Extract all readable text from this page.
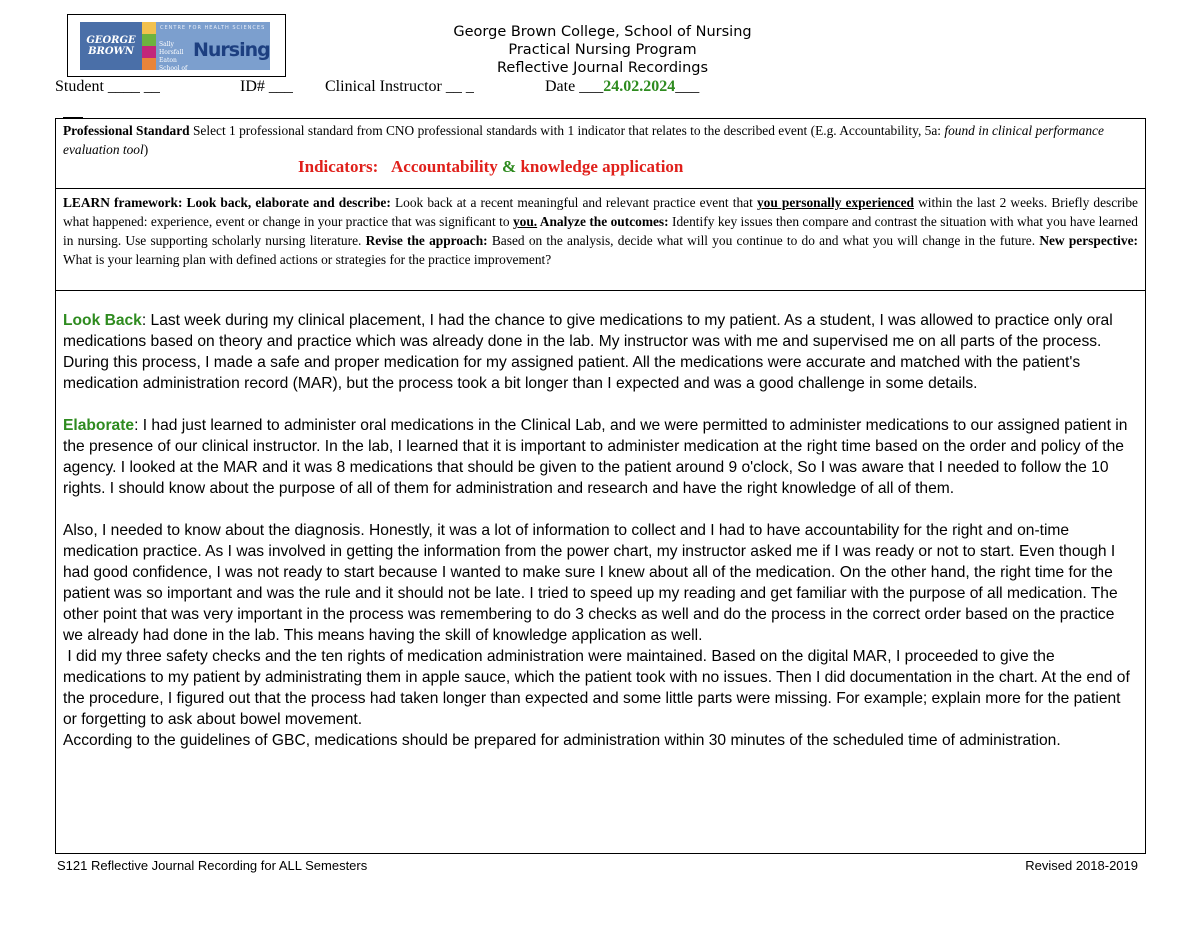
GEORGE BROWN
CENTRE FOR HEALTH SCIENCES
Sally Horsfall Eaton School of
Nursing
George Brown College, School of Nursing
Practical Nursing Program
Reflective Journal Recordings
Student ____ __	ID# ___ Clinical Instructor __ _	Date ___24.02.2024___
Professional Standard Select 1 professional standard from CNO professional standards with 1 indicator that relates to the described event (E.g. Accountability, 5a: found in clinical performance evaluation tool)
Indicators: Accountability & knowledge application
LEARN framework: Look back, elaborate and describe: Look back at a recent meaningful and relevant practice event that you personally experienced within the last 2 weeks. Briefly describe what happened: experience, event or change in your practice that was significant to you. Analyze the outcomes: Identify key issues then compare and contrast the situation with what you have learned in nursing. Use supporting scholarly nursing literature. Revise the approach: Based on the analysis, decide what will you continue to do and what you will change in the future. New perspective: What is your learning plan with defined actions or strategies for the practice improvement?

Look Back: Last week during my clinical placement, I had the chance to give medications to my patient. As a student, I was allowed to practice only oral medications based on theory and practice which was already done in the lab. My instructor was with me and supervised me on all parts of the process. During this process, I made a safe and proper medication for my assigned patient. All the medications were accurate and matched with the patient's medication administration record (MAR), but the process took a bit longer than I expected and was a good challenge in some details.

Elaborate: I had just learned to administer oral medications in the Clinical Lab, and we were permitted to administer medications to our assigned patient in the presence of our clinical instructor. In the lab, I learned that it is important to administer medication at the right time based on the order and policy of the agency. I looked at the MAR and it was 8 medications that should be given to the patient around 9 o'clock, So I was aware that I needed to follow the 10 rights. I should know about the purpose of all of them for administration and research and have the right knowledge of all of them.

Also, I needed to know about the diagnosis. Honestly, it was a lot of information to collect and I had to have accountability for the right and on-time medication practice. As I was involved in getting the information from the power chart, my instructor asked me if I was ready or not to start. Even though I had good confidence, I was not ready to start because I wanted to make sure I knew about all of the medication. On the other hand, the right time for the patient was so important and was the rule and it should not be late. I tried to speed up my reading and get familiar with the purpose of all medication. The other point that was very important in the process was remembering to do 3 checks as well and do the process in the correct order based on the practice we already had done in the lab. This means having the skill of knowledge application as well.

I did my three safety checks and the ten rights of medication administration were maintained. Based on the digital MAR, I proceeded to give the medications to my patient by administrating them in apple sauce, which the patient took with no issues. Then I did documentation in the chart. At the end of the procedure, I figured out that the process had taken longer than expected and some little parts were missing. For example; explain more for the patient or forgetting to ask about bowel movement.

According to the guidelines of GBC, medications should be prepared for administration within 30 minutes of the scheduled time of administration.

S121 Reflective Journal Recording for ALL Semesters	Revised 2018-2019
